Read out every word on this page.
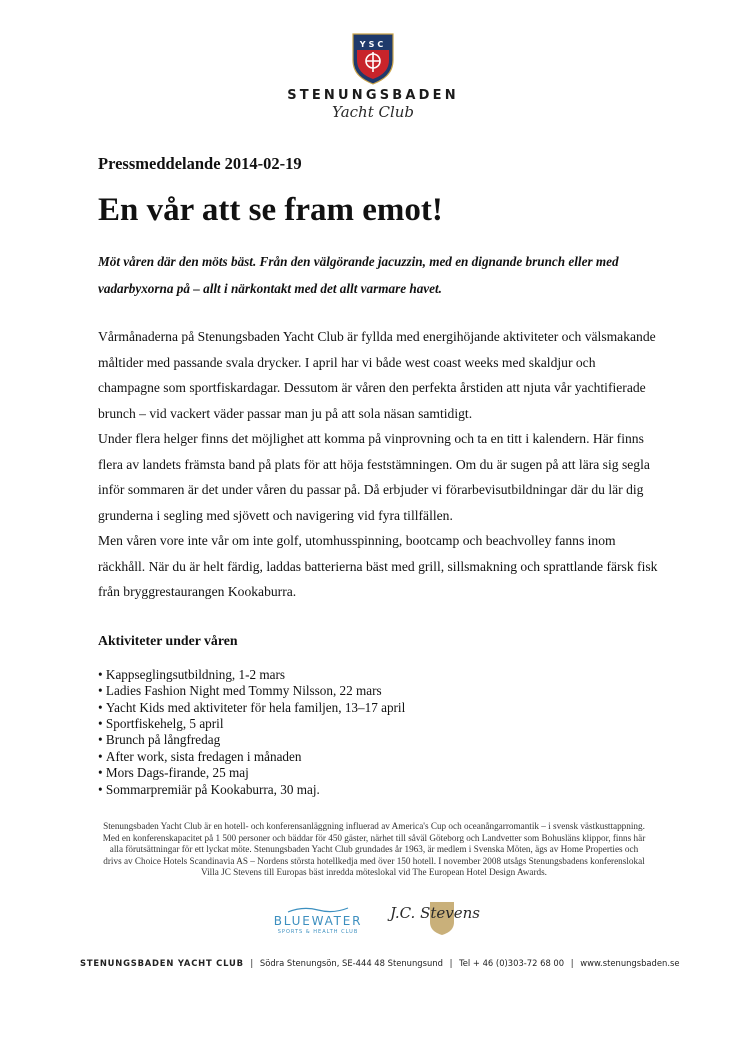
YSC
STENUNGSBADEN
Yacht Club

Pressmeddelande 2014-02-19

En vår att se fram emot!

Möt våren där den möts bäst. Från den välgörande jacuzzin, med en dignande brunch eller med vadarbyxorna på – allt i närkontakt med det allt varmare havet.

Vårmånaderna på Stenungsbaden Yacht Club är fyllda med energihöjande aktiviteter och välsmakande måltider med passande svala drycker. I april har vi både west coast weeks med skaldjur och champagne som sportfiskardagar. Dessutom är våren den perfekta årstiden att njuta vår yachtifierade brunch – vid vackert väder passar man ju på att sola näsan samtidigt.

Under flera helger finns det möjlighet att komma på vinprovning och ta en titt i kalendern. Här finns flera av landets främsta band på plats för att höja feststämningen. Om du är sugen på att lära sig segla inför sommaren är det under våren du passar på. Då erbjuder vi förarbevisutbildningar där du lär dig grunderna i segling med sjövett och navigering vid fyra tillfällen.

Men våren vore inte vår om inte golf, utomhusspinning, bootcamp och beachvolley fanns inom räckhåll. När du är helt färdig, laddas batterierna bäst med grill, sillsmakning och sprattlande färsk fisk från bryggrestaurangen Kookaburra.

Aktiviteter under våren

• Kappseglingsutbildning, 1-2 mars
• Ladies Fashion Night med Tommy Nilsson, 22 mars
• Yacht Kids med aktiviteter för hela familjen, 13–17 april
• Sportfiskehelg, 5 april
• Brunch på långfredag
• After work, sista fredagen i månaden
• Mors Dags-firande, 25 maj
• Sommarpremiär på Kookaburra, 30 maj.

Stenungsbaden Yacht Club är en hotell- och konferensanläggning influerad av America's Cup och oceanångarromantik – i svensk västkusttappning. Med en konferenskapacitet på 1 500 personer och bäddar för 450 gäster, närhet till såväl Göteborg och Landvetter som Bohusläns klippor, finns här alla förutsättningar för ett lyckat möte. Stenungsbaden Yacht Club grundades år 1963, är medlem i Svenska Möten, ägs av Home Properties och drivs av Choice Hotels Scandinavia AS – Nordens största hotellkedja med över 150 hotell. I november 2008 utsågs Stenungsbadens konferenslokal Villa JC Stevens till Europas bäst inredda möteslokal vid The European Hotel Design Awards.

BLUEWATER
SPORTS & HEALTH CLUB
J.C. Stevens
STENUNGSBADEN YACHT CLUB | Södra Stenungsön, SE-444 48 Stenungsund | Tel + 46 (0)303-72 68 00 | www.stenungsbaden.se
